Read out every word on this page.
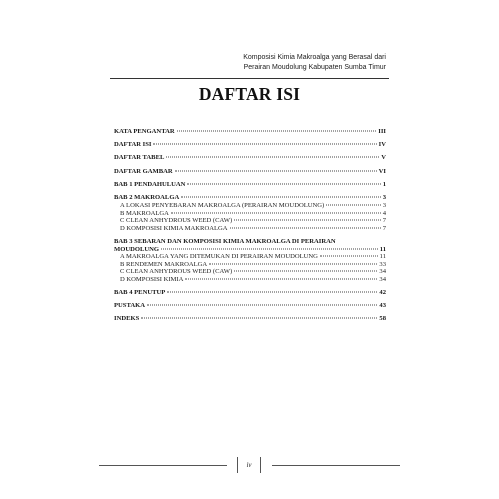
Komposisi Kimia Makroalga yang Berasal dari
Perairan Moudolung Kabupaten Sumba Timur
DAFTAR ISI
KATA PENGANTAR	III
DAFTAR ISI	IV
DAFTAR TABEL	V
DAFTAR GAMBAR	VI
BAB 1 PENDAHULUAN	1
BAB 2 MAKROALGA	3
A LOKASI PENYEBARAN MAKROALGA (PERAIRAN MOUDOLUNG)	3
B MAKROALGA	4
C CLEAN ANHYDROUS WEED (CAW)	7
D KOMPOSISI KIMIA MAKROALGA	7
BAB 3 SEBARAN DAN KOMPOSISI KIMIA MAKROALGA DI PERAIRAN
MOUDOLUNG	11
A MAKROALGA YANG DITEMUKAN DI PERAIRAN MOUDOLUNG	11
B RENDEMEN MAKROALGA	33
C CLEAN ANHYDROUS WEED (CAW)	34
D KOMPOSISI KIMIA	34
BAB 4 PENUTUP	42
PUSTAKA	43
INDEKS	58
iv
